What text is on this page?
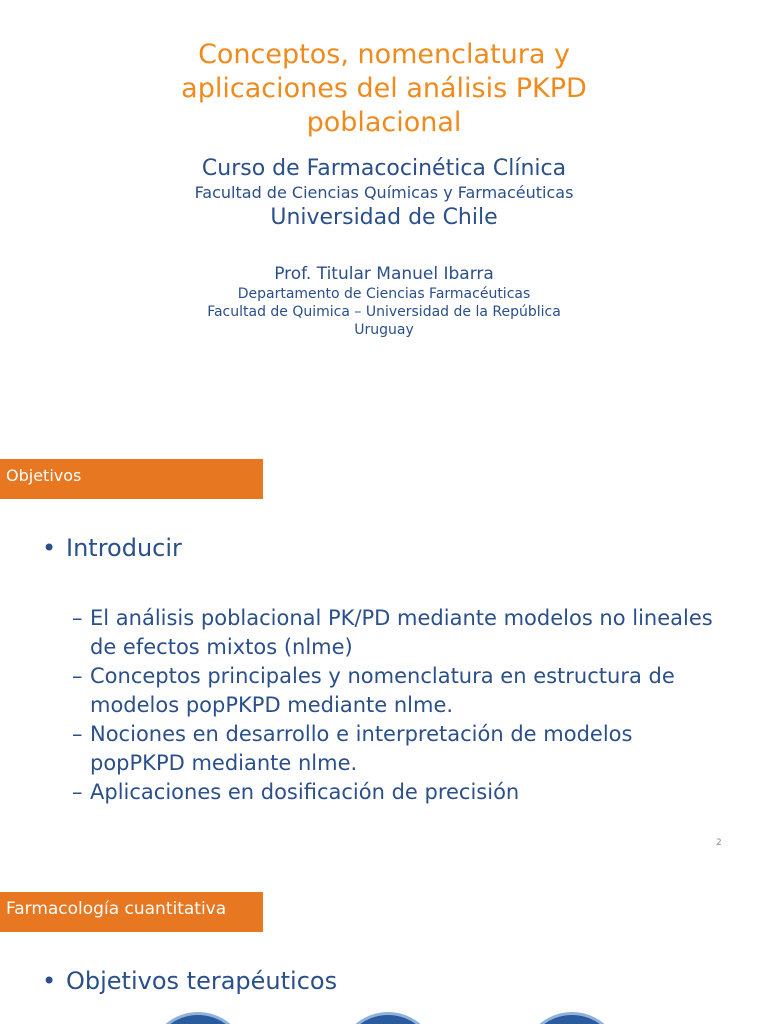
Conceptos, nomenclatura y
aplicaciones del análisis PKPD
poblacional
Curso de Farmacocinética Clínica
Facultad de Ciencias Químicas y Farmacéuticas
Universidad de Chile
Prof. Titular Manuel Ibarra
Departamento de Ciencias Farmacéuticas
Facultad de Quimica – Universidad de la República
Uruguay
Objetivos
• Introducir
– El análisis poblacional PK/PD mediante modelos no lineales de efectos mixtos (nlme)
– Conceptos principales y nomenclatura en estructura de modelos popPKPD mediante nlme.
– Nociones en desarrollo e interpretación de modelos popPKPD mediante nlme.
– Aplicaciones en dosificación de precisión
2
Farmacología cuantitativa
• Objetivos terapéuticos
